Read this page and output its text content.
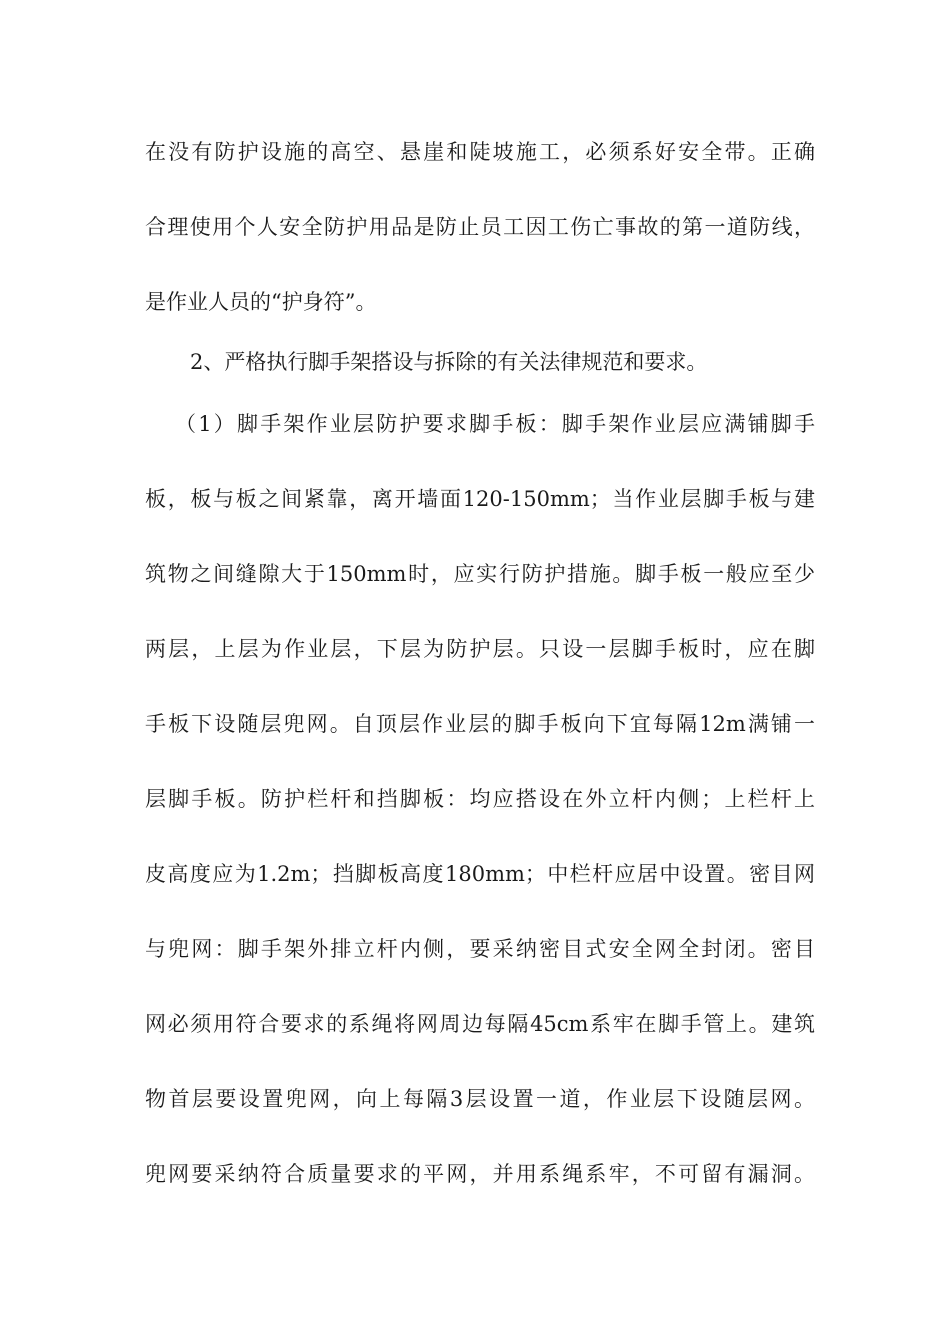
在没有防护设施的高空、悬崖和陡坡施工，必须系好安全带。正确
合理使用个人安全防护用品是防止员工因工伤亡事故的第一道防线，
是作业人员的“护身符”。
2、严格执行脚手架搭设与拆除的有关法律规范和要求。
（1）脚手架作业层防护要求脚手板：脚手架作业层应满铺脚手
板，板与板之间紧靠，离开墙面120-150mm；当作业层脚手板与建
筑物之间缝隙大于150mm时，应实行防护措施。脚手板一般应至少
两层，上层为作业层，下层为防护层。只设一层脚手板时，应在脚
手板下设随层兜网。自顶层作业层的脚手板向下宜每隔12m满铺一
层脚手板。防护栏杆和挡脚板：均应搭设在外立杆内侧；上栏杆上
皮高度应为1.2m；挡脚板高度180mm；中栏杆应居中设置。密目网
与兜网：脚手架外排立杆内侧，要采纳密目式安全网全封闭。密目
网必须用符合要求的系绳将网周边每隔45cm系牢在脚手管上。建筑
物首层要设置兜网，向上每隔3层设置一道，作业层下设随层网。
兜网要采纳符合质量要求的平网，并用系绳系牢，不可留有漏洞。
